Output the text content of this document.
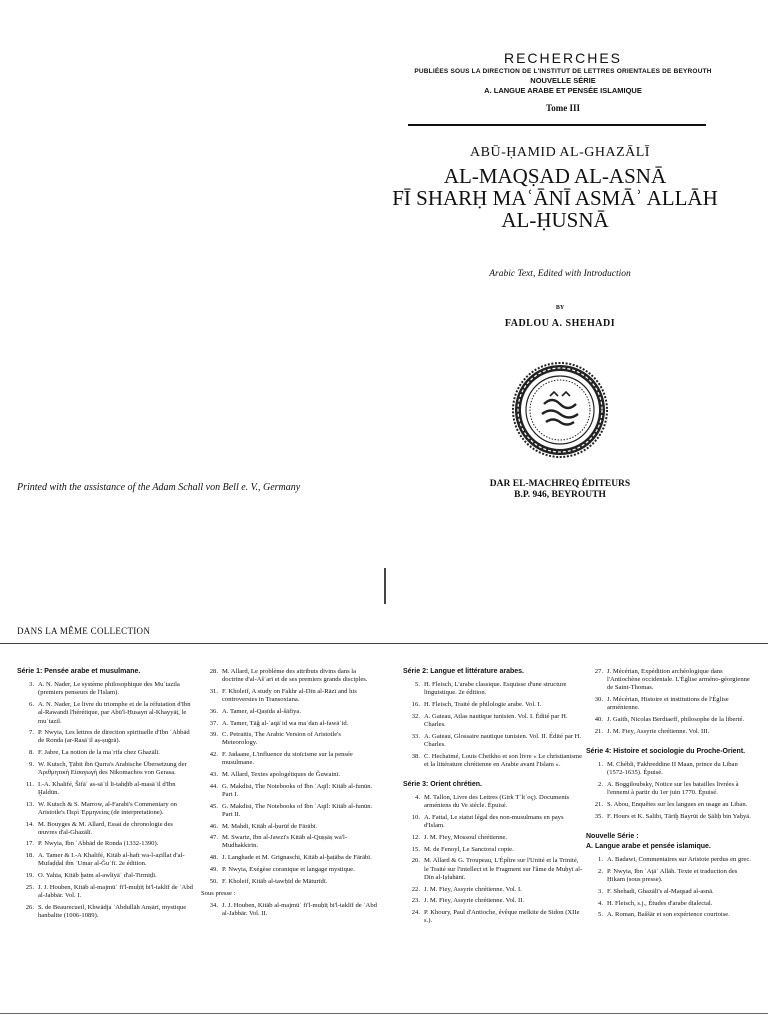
RECHERCHES
PUBLIÉES SOUS LA DIRECTION DE L'INSTITUT DE LETTRES ORIENTALES DE BEYROUTH
NOUVELLE SÉRIE
A. LANGUE ARABE ET PENSÉE ISLAMIQUE
Tome III
ABŪ-ḤAMID AL-GHAZĀLĪ
AL-MAQṢAD AL-ASNĀ
FĪ SHARḤ MAʿĀNĪ ASMĀʾ ALLĀH
AL-ḤUSNĀ
Arabic Text, Edited with Introduction
BY
FADLOU A. SHEHADI
Printed with the assistance of the Adam Schall von Bell e. V., Germany	DAR EL-MACHREQ ÉDITEURS
B.P. 946, BEYROUTH
DANS LA MÊME COLLECTION
Série 1: Pensée arabe et musulmane.
3. A. N. Nader, Le système philosophique des Muʿtazila (premiers penseurs de l'Islam).
6. A. N. Nader, Le livre du triomphe et de la réfutation d'Ibn al-Rawandi l'hérétique, par Abū'l-Ḥusayn al-Khayyāṭ, le muʿtazil.
7. P. Nwyia, Les lettres de direction spirituelle d'Ibn ʿAbbād de Ronda (ar-Rasāʾil aṣ-ṣuġrā).
8. F. Jabre, La notion de la maʿrifa chez Ghazālī.
9. W. Kutsch, Ṯābit ibn Qurra's Arabische Übersetzung der Ἀριθμητικὴ Εἰσαγωγή des Nikomachos von Gerasa.
11. I.-A. Khalifé, Šifāʾ as-sāʾil li-tahḏīb al-masāʾil d'Ibn Ḫaldūn.
13. W. Kutsch & S. Marrow, al-Farabi's Commentary on Aristotle's Περὶ Ἑρμηνείας (de interpretatione).
14. M. Bouyges & M. Allard, Essai de chronologie des œuvres d'al-Ghazālī.
17. P. Nwyia, Ibn ʿAbbād de Ronda (1332-1390).
18. A. Tamer & I.-A Khalifé, Kitāb al-haft wa-l-aẓillat d'al-Mufaḍḍal ibn ʿUmar al-Ǧuʿfī. 2e édition.
19. O. Yahia, Kitāb ḫatm al-awliyāʾ d'al-Tirmiḏī.
25. J. J. Houben, Kitāb al-majmūʿ fī'l-muḥīṭ bi'l-taklīf de ʿAbd al-Jabbār. Vol. I.
26. S. de Beaurecueil, Khwādja ʿAbdullāh Anṣārī, mystique hanbalite (1006-1089).
28. M. Allard, Le problème des attributs divins dans la doctrine d'al-Ašʿarī et de ses premiers grands disciples.
31. F. Kholeif, A study on Fakhr al-Dīn al-Rāzī and his controversies in Transoxiana.
36. A. Tamer, al-Qaṣīda al-šāfiya.
37. A. Tamer, Tāǧ al-ʿaqāʾid wa maʿdan al-fawāʾid.
39. C. Petraitis, The Arabic Version of Aristotle's Meteorology.
42. F. Jadaane, L'influence du stoïcisme sur la pensée musulmane.
43. M. Allard, Textes apologétiques de Ǧuwainī.
44. G. Makdisi, The Notebooks of Ibn ʿAqīl: Kitāb al-funūn. Part I.
45. G. Makdisi, The Notebooks of Ibn ʿAqīl: Kitāb al-funūn. Part II.
46. M. Mahdi, Kitāb al-ḥurūf de Fārābī.
47. M. Swartz, Ibn al-Jawzī's Kitāb al-Quṣṣāṣ wa'l-Mudhakkirīn.
48. J. Langhade et M. Grignaschi, Kitāb al-ḫaṭāba de Fārābī.
49. P. Nwyia, Exégèse coranique et langage mystique.
50. F. Kholeif, Kitāb al-tawḥīd de Māturīdī.
Sous presse :
34. J. J. Houben, Kitāb al-majmūʿ fī'l-muḥīṭ bi'l-taklīf de ʿAbd al-Jabbār. Vol. II.
Série 2: Langue et littérature arabes.
5. H. Fleisch, L'arabe classique. Esquisse d'une structure linguistique. 2e édition.
16. H. Fleisch, Traité de philologie arabe. Vol. I.
32. A. Gateau, Atlas nautique tunisien. Vol. I. Édité par H. Charles.
33. A. Gateau, Glossaire nautique tunisien. Vol. II. Édité par H. Charles.
38. C. Hechaïmé, Louis Cheikho et son livre « Le christianisme et la littérature chrétienne en Arabie avant l'Islam ».
Série 3: Orient chrétien.
4. M. Tallon, Livre des Lettres (Girk Tʿltʿoç). Documents arméniens du Ve siècle. Épuisé.
10. A. Fattal, Le statut légal des non-musulmans en pays d'Islam.
12. J. M. Fiey, Mossoul chrétienne.
15. M. de Fenoyl, Le Sanctoral copte.
20. M. Allard & G. Troupeau, L'Épître sur l'Unité et la Trinité, le Traité sur l'intellect et le Fragment sur l'âme de Muḥyī al-Dīn al-Iṣfahānī.
22. J. M. Fiey, Assyrie chrétienne. Vol. I.
23. J. M. Fiey, Assyrie chrétienne. Vol. II.
24. P. Khoury, Paul d'Antioche, évêque melkite de Sidon (XIIe s.).
27. J. Mécérian, Expédition archéologique dans l'Antiochène occidentale. L'Église arméno-géorgienne de Saint-Thomas.
30. J. Mécérian, Histoire et institutions de l'Église arménienne.
40. J. Gaith, Nicolas Berdiaeff, philosophe de la liberté.
21. J. M. Fiey, Assyrie chrétienne. Vol. III.
Série 4: Histoire et sociologie du Proche-Orient.
1. M. Chébli, Fakhreddine II Maan, prince du Liban (1572-1635). Épuisé.
2. A. Boggiloubsky, Notice sur les batailles livrées à l'ennemi à partir du 1er juin 1770. Épuisé.
21. S. Abou, Enquêtes sur les langues en usage au Liban.
35. F. Hours et K. Salibi, Tārīḫ Bayrūt de Ṣāliḥ bin Yaḥyā.
Nouvelle Série :
A. Langue arabe et pensée islamique.
1. A. Badawi, Commentaires sur Aristote perdus en grec.
2. P. Nwyia, Ibn ʿAṭāʾ Allāh. Texte et traduction des Ḥikam (sous presse).
3. F. Shehadi, Ghazālī's al-Maqṣad al-asnā.
4. H. Fleisch, s.j., Études d'arabe dialectal.
5. A. Roman, Baššār et son expérience courtoise.
